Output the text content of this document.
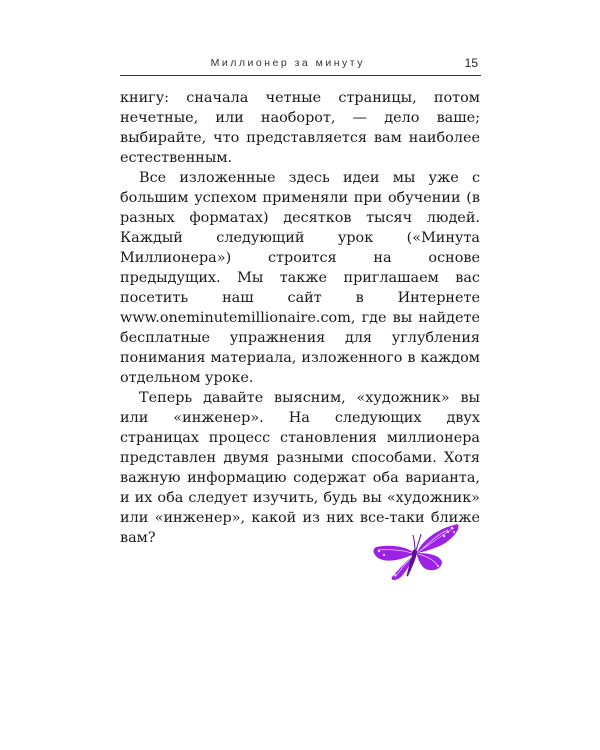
Миллионер за минуту	15

книгу: сначала четные страницы, потом нечетные, или наоборот, — дело ваше; выбирайте, что представляется вам наиболее естественным.

Все изложенные здесь идеи мы уже с большим успехом применяли при обучении (в разных форматах) десятков тысяч людей. Каждый следующий урок («Минута Миллионера») строится на основе предыдущих. Мы также приглашаем вас посетить наш сайт в Интернете www.oneminutemillionaire.com, где вы найдете бесплатные упражнения для углубления понимания материала, изложенного в каждом отдельном уроке.

Теперь давайте выясним, «художник» вы или «инженер». На следующих двух страницах процесс становления миллионера представлен двумя разными способами. Хотя важную информацию содержат оба варианта, и их оба следует изучить, будь вы «художник» или «инженер», какой из них все-таки ближе вам?
